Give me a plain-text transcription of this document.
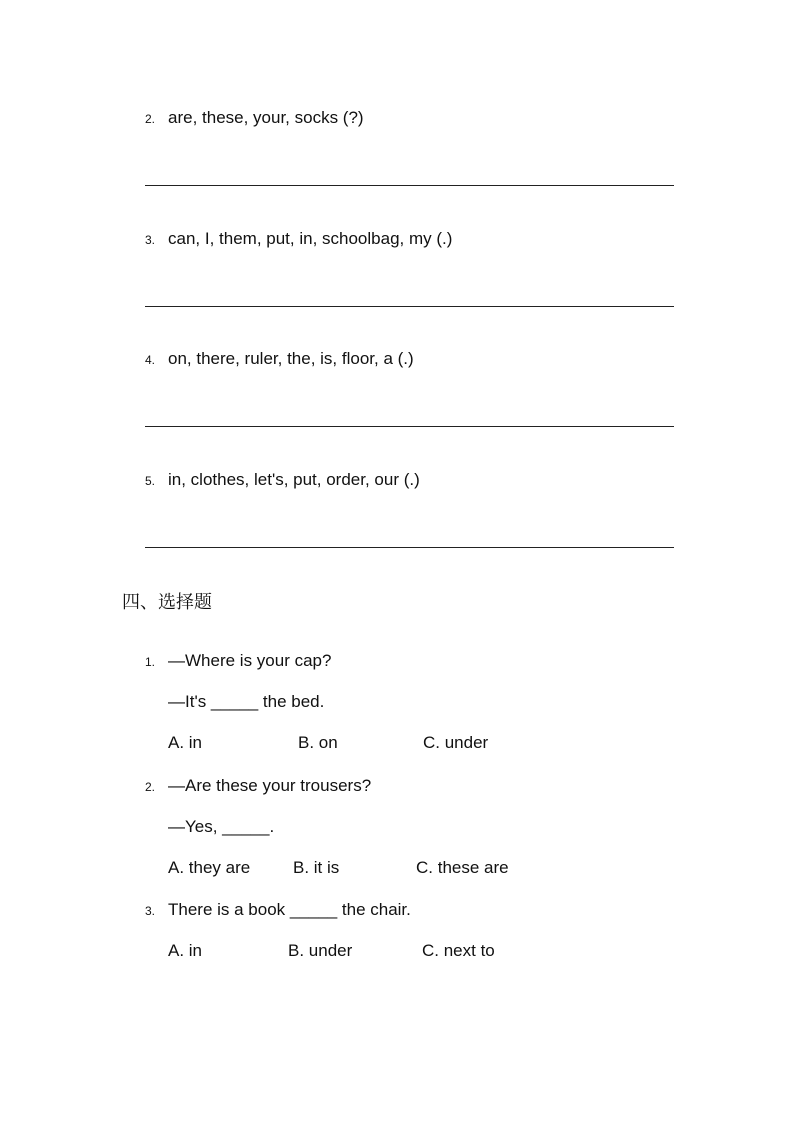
2. are, these, your, socks (?)
3. can, I, them, put, in, schoolbag, my (.)
4. on, there, ruler, the, is, floor, a (.)
5. in, clothes, let's, put, order, our (.)
四、选择题
1. —Where is your cap?
—It's _____ the bed.
A. in	B. on	C. under
2. —Are these your trousers?
—Yes, _____.
A. they are	B. it is	C. these are
3. There is a book _____ the chair.
A. in	B. under	C. next to
